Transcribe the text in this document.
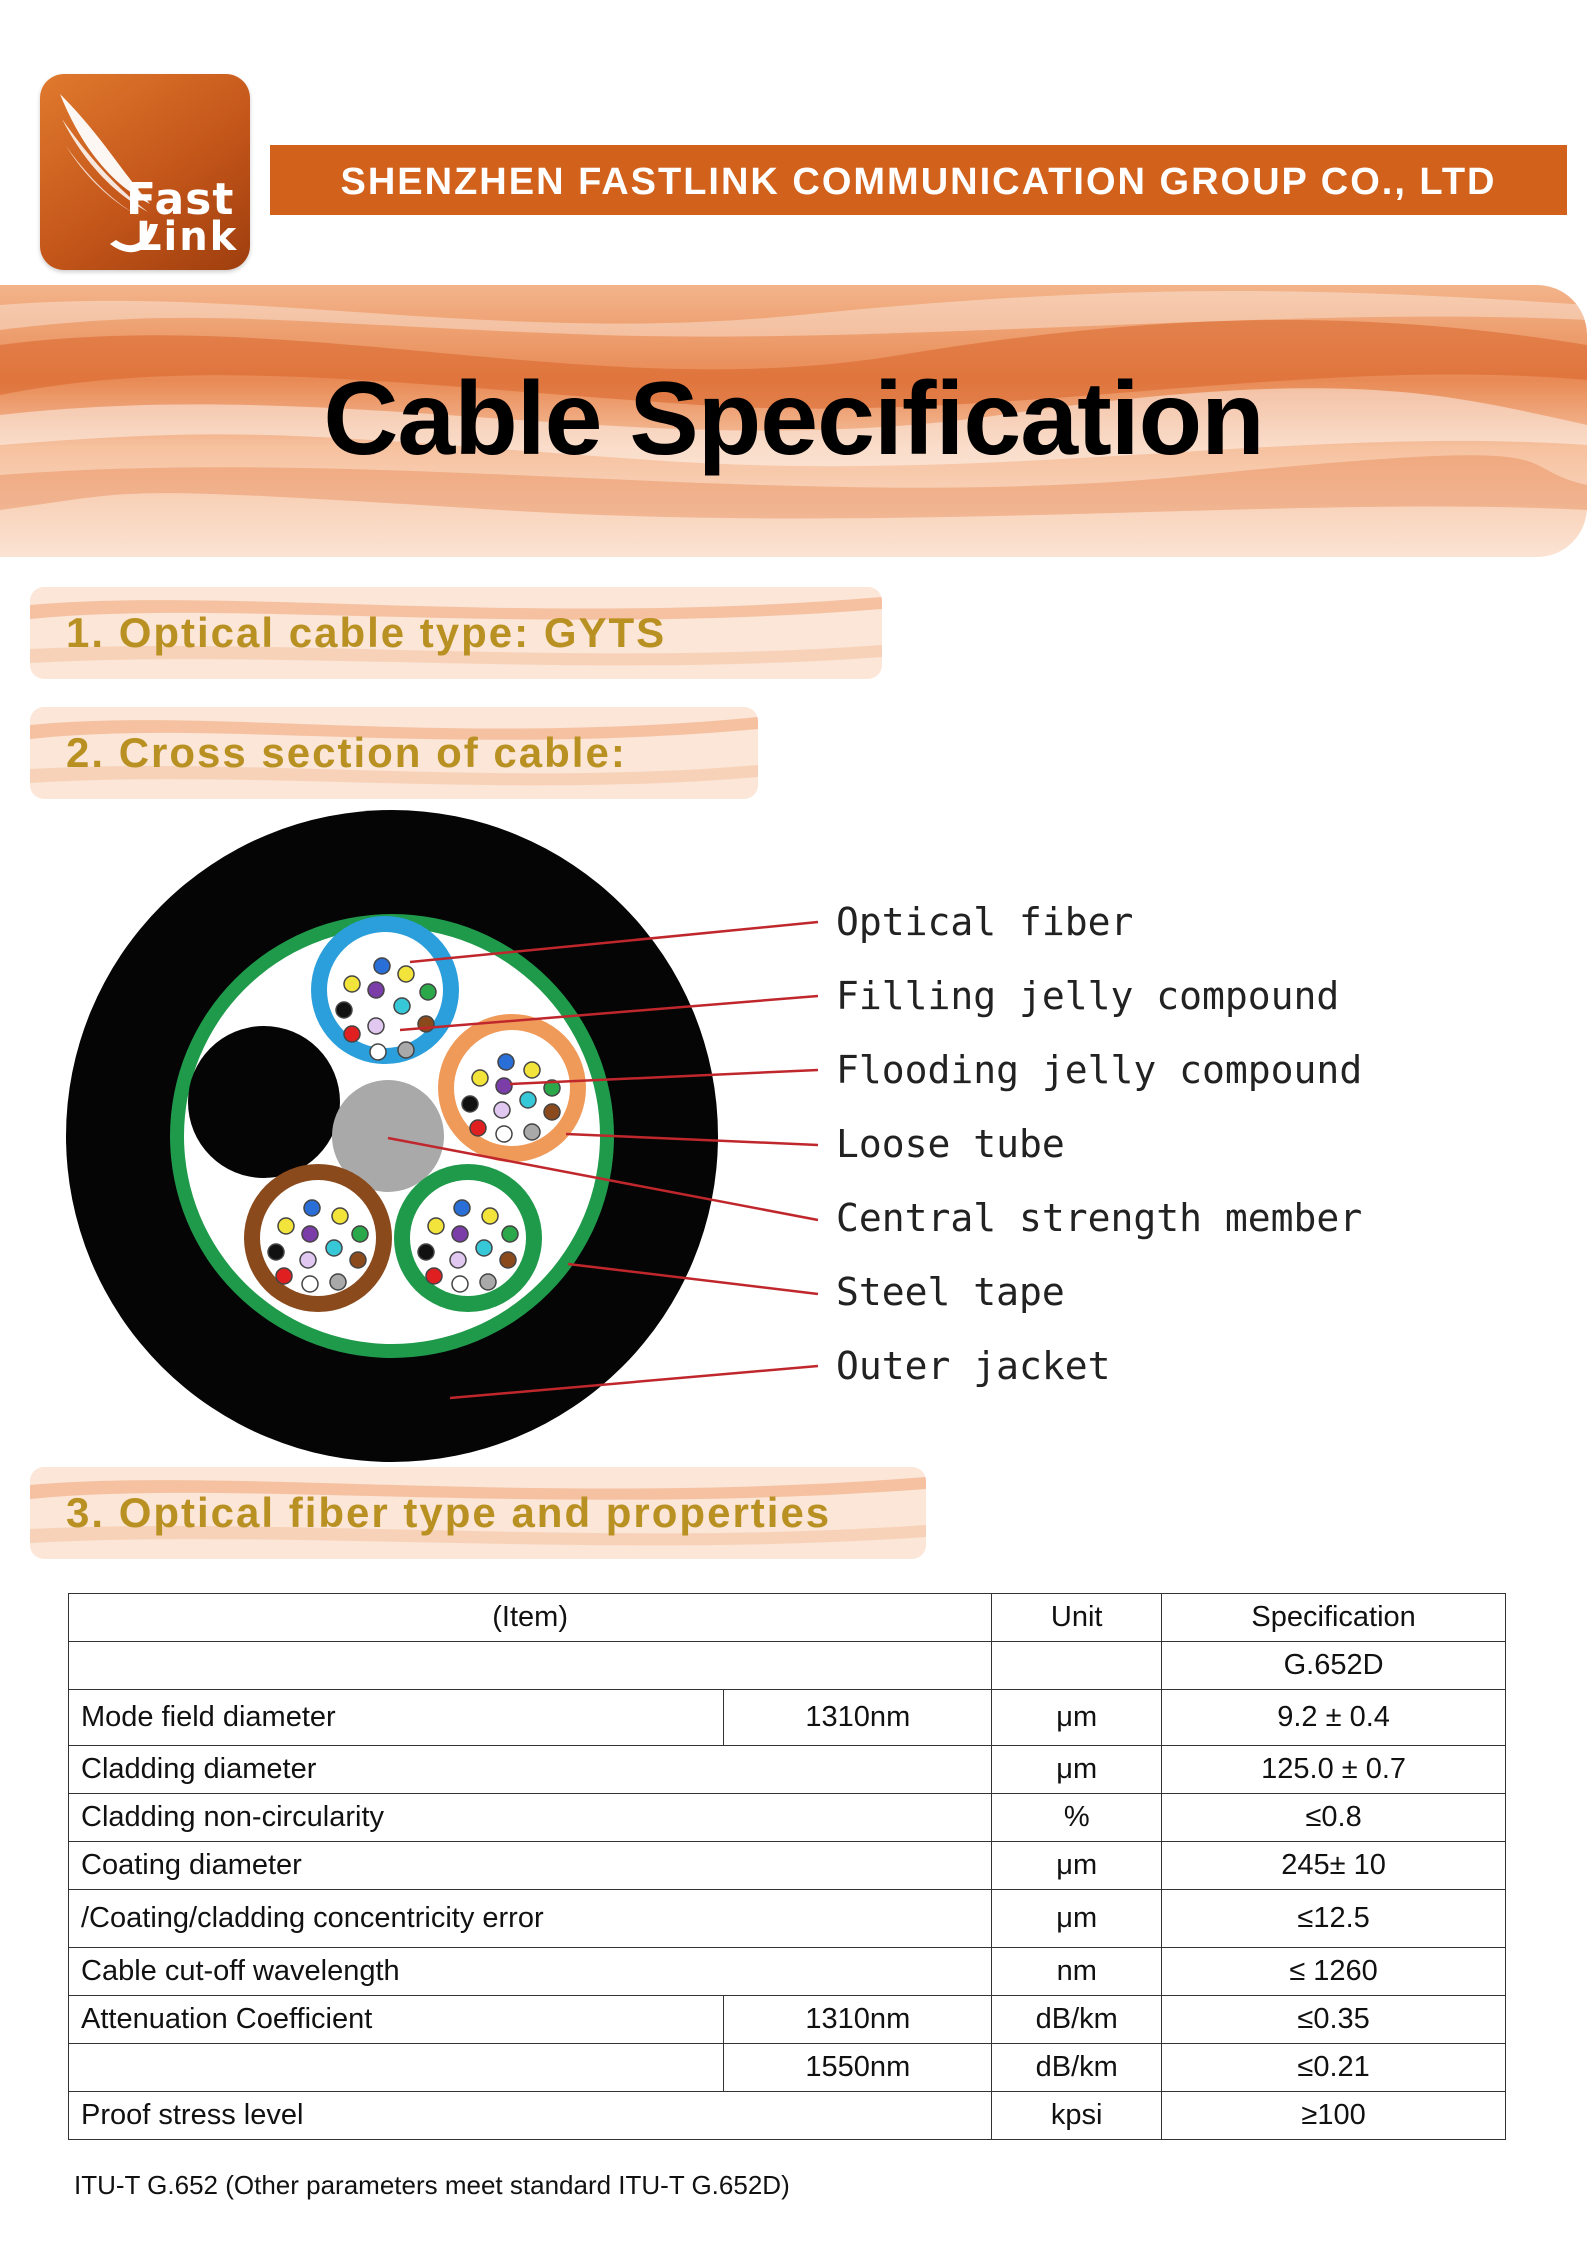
Fast
Link
SHENZHEN FASTLINK COMMUNICATION GROUP CO., LTD
Cable Specification
1. Optical cable type: GYTS
2. Cross section of cable:
3. Optical fiber type and properties
Optical fiber
Filling jelly compound
Flooding jelly compound
Loose tube
Central strength member
Steel tape
Outer jacket
(Item)		Unit	Specification
			G.652D
Mode field diameter	1310nm	μm	9.2 ± 0.4
Cladding diameter		μm	125.0 ± 0.7
Cladding non-circularity		%	≤0.8
Coating diameter		μm	245± 10
/Coating/cladding concentricity error		μm	≤12.5
Cable cut-off wavelength		nm	≤ 1260
Attenuation Coefficient	1310nm	dB/km	≤0.35
	1550nm	dB/km	≤0.21
Proof stress level		kpsi	≥100
ITU-T G.652 (Other parameters meet standard ITU-T G.652D)
